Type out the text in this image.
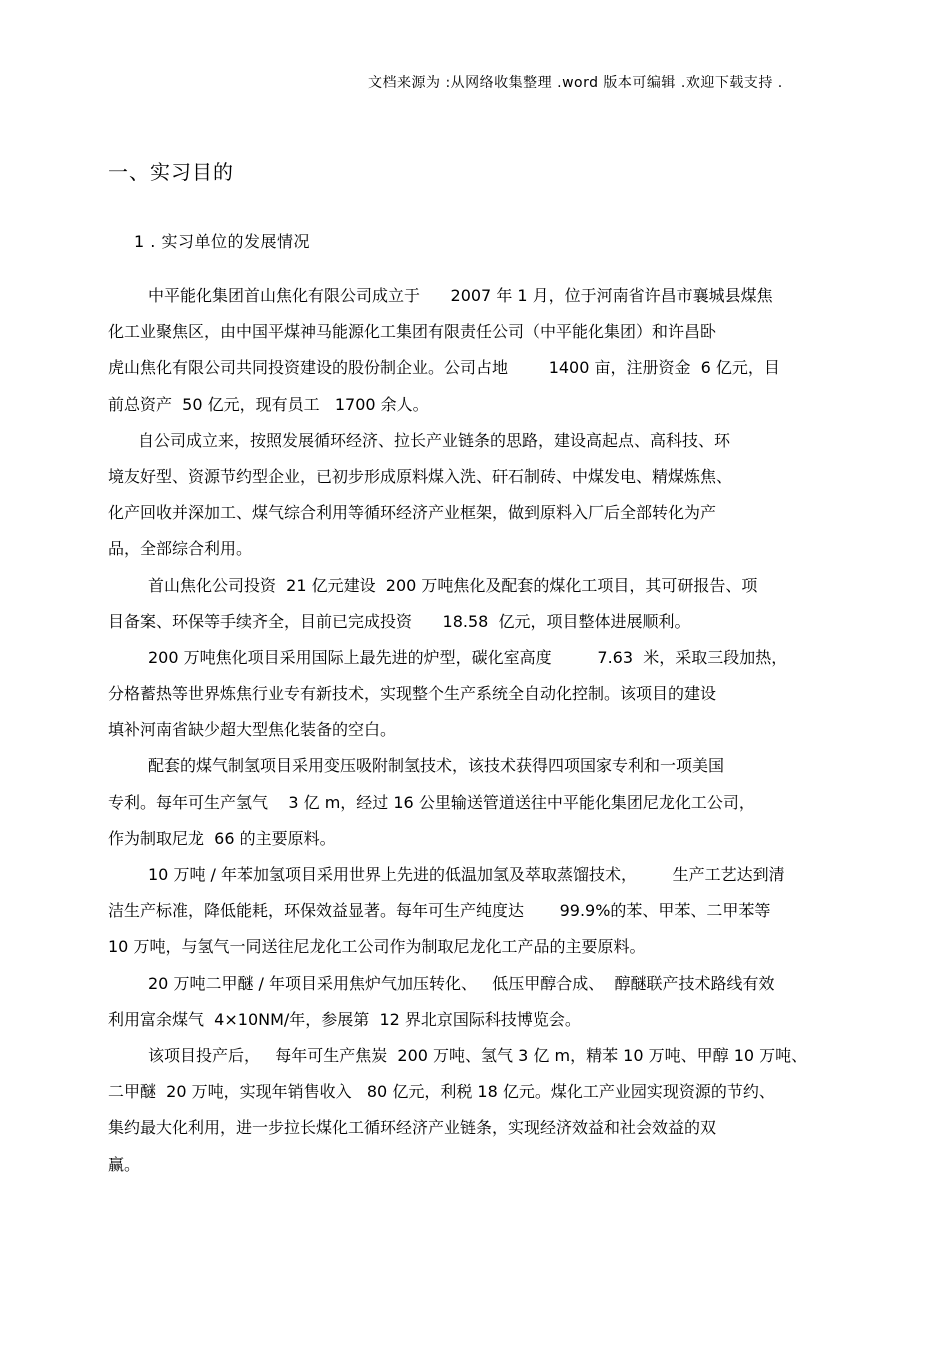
文档来源为 :从网络收集整理 .word 版本可编辑 .欢迎下载支持 .
一、实习目的
1 . 实习单位的发展情况

中平能化集团首山焦化有限公司成立于      2007 年 1 月，位于河南省许昌市襄城县煤焦
化工业聚焦区，由中国平煤神马能源化工集团有限责任公司（中平能化集团）和许昌卧
虎山焦化有限公司共同投资建设的股份制企业。公司占地        1400 亩，注册资金  6 亿元，目
前总资产  50 亿元，现有员工   1700 余人。

自公司成立来，按照发展循环经济、拉长产业链条的思路，建设高起点、高科技、环
境友好型、资源节约型企业，已初步形成原料煤入洗、矸石制砖、中煤发电、精煤炼焦、
化产回收并深加工、煤气综合利用等循环经济产业框架，做到原料入厂后全部转化为产
品，全部综合利用。

首山焦化公司投资  21 亿元建设  200 万吨焦化及配套的煤化工项目，其可研报告、项
目备案、环保等手续齐全，目前已完成投资      18.58  亿元，项目整体进展顺利。

200 万吨焦化项目采用国际上最先进的炉型，碳化室高度         7.63  米，采取三段加热，
分格蓄热等世界炼焦行业专有新技术，实现整个生产系统全自动化控制。该项目的建设
填补河南省缺少超大型焦化装备的空白。

配套的煤气制氢项目采用变压吸附制氢技术，该技术获得四项国家专利和一项美国
专利。每年可生产氢气    3 亿 m，经过 16 公里输送管道送往中平能化集团尼龙化工公司，
作为制取尼龙  66 的主要原料。

10 万吨 / 年苯加氢项目采用世界上先进的低温加氢及萃取蒸馏技术，       生产工艺达到清
洁生产标准，降低能耗，环保效益显著。每年可生产纯度达       99.9%的苯、甲苯、二甲苯等
10 万吨，与氢气一同送往尼龙化工公司作为制取尼龙化工产品的主要原料。

20 万吨二甲醚 / 年项目采用焦炉气加压转化、   低压甲醇合成、  醇醚联产技术路线有效
利用富余煤气  4×10NM/年，参展第  12 界北京国际科技博览会。

该项目投产后，   每年可生产焦炭  200 万吨、氢气 3 亿 m，精苯 10 万吨、甲醇 10 万吨、
二甲醚  20 万吨，实现年销售收入   80 亿元，利税 18 亿元。煤化工产业园实现资源的节约、
集约最大化利用，进一步拉长煤化工循环经济产业链条，实现经济效益和社会效益的双
赢。
